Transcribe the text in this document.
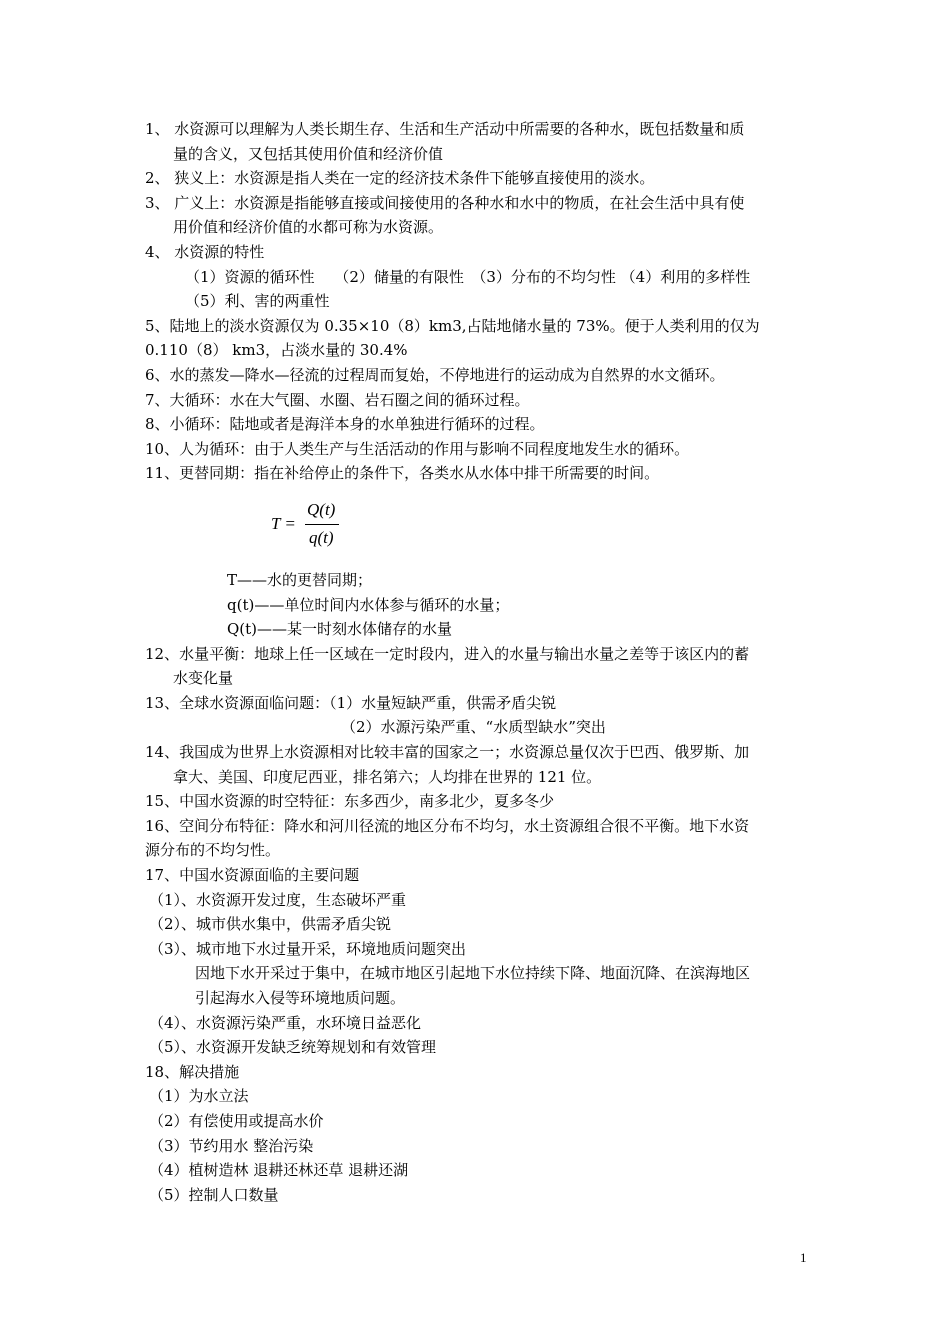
1、 水资源可以理解为人类长期生存、生活和生产活动中所需要的各种水，既包括数量和质
量的含义，又包括其使用价值和经济价值
2、 狭义上：水资源是指人类在一定的经济技术条件下能够直接使用的淡水。
3、 广义上：水资源是指能够直接或间接使用的各种水和水中的物质，在社会生活中具有使
用价值和经济价值的水都可称为水资源。
4、 水资源的特性
（1）资源的循环性　 （2）储量的有限性　（3）分布的不均匀性 （4）利用的多样性
（5）利、害的两重性
5、陆地上的淡水资源仅为 0.35×10（8）km3,占陆地储水量的 73%。便于人类利用的仅为
0.110（8） km3，占淡水量的 30.4%
6、水的蒸发—降水—径流的过程周而复始，不停地进行的运动成为自然界的水文循环。
7、大循环：水在大气圈、水圈、岩石圈之间的循环过程。
8、小循环：陆地或者是海洋本身的水单独进行循环的过程。
10、人为循环：由于人类生产与生活活动的作用与影响不同程度地发生水的循环。
11、更替同期：指在补给停止的条件下，各类水从水体中排干所需要的时间。
T =
Q(t)
q(t)
T——水的更替同期；
q(t)——单位时间内水体参与循环的水量；
Q(t)——某一时刻水体储存的水量
12、水量平衡：地球上任一区域在一定时段内，进入的水量与输出水量之差等于该区内的蓄
水变化量
13、全球水资源面临问题：（1）水量短缺严重，供需矛盾尖锐
（2）水源污染严重、“水质型缺水”突出
14、我国成为世界上水资源相对比较丰富的国家之一；水资源总量仅次于巴西、俄罗斯、加
拿大、美国、印度尼西亚，排名第六；人均排在世界的 121 位。
15、中国水资源的时空特征：东多西少，南多北少，夏多冬少
16、空间分布特征：降水和河川径流的地区分布不均匀，水土资源组合很不平衡。地下水资
源分布的不均匀性。
17、中国水资源面临的主要问题
（1）、水资源开发过度，生态破坏严重
（2）、城市供水集中，供需矛盾尖锐
（3）、城市地下水过量开采，环境地质问题突出
因地下水开采过于集中，在城市地区引起地下水位持续下降、地面沉降、在滨海地区
引起海水入侵等环境地质问题。
（4）、水资源污染严重，水环境日益恶化
（5）、水资源开发缺乏统筹规划和有效管理
18、解决措施
（1）为水立法
（2）有偿使用或提高水价
（3）节约用水 整治污染
（4）植树造林 退耕还林还草 退耕还湖
（5）控制人口数量
1
